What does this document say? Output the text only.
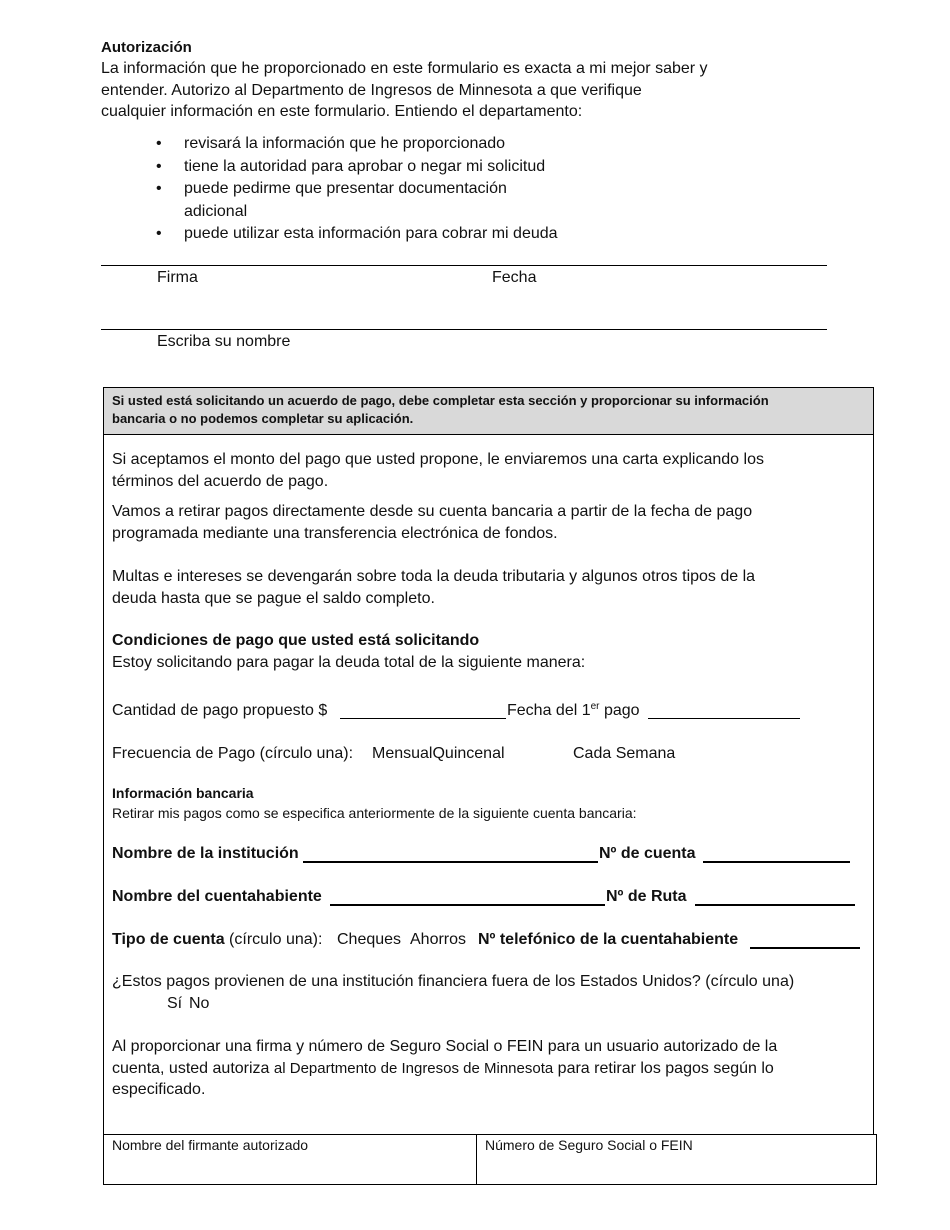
Autorización
La información que he proporcionado en este formulario es exacta a mi mejor saber y
entender. Autorizo al Departmento de Ingresos de Minnesota a que verifique
cualquier información en este formulario. Entiendo el departamento:
• revisará la información que he proporcionado
• tiene la autoridad para aprobar o negar mi solicitud
• puede pedirme que presentar documentación adicional
• puede utilizar esta información para cobrar mi deuda
Firma	Fecha
Escriba su nombre
Si usted está solicitando un acuerdo de pago, debe completar esta sección y proporcionar su información
bancaria o no podemos completar su aplicación.
Si aceptamos el monto del pago que usted propone, le enviaremos una carta explicando los
términos del acuerdo de pago.
Vamos a retirar pagos directamente desde su cuenta bancaria a partir de la fecha de pago
programada mediante una transferencia electrónica de fondos.
Multas e intereses se devengarán sobre toda la deuda tributaria y algunos otros tipos de la
deuda hasta que se pague el saldo completo.
Condiciones de pago que usted está solicitando
Estoy solicitando para pagar la deuda total de la siguiente manera:
Cantidad de pago propuesto $	Fecha del 1er pago
Frecuencia de Pago (círculo una): MensualQuincenal	Cada Semana
Información bancaria
Retirar mis pagos como se especifica anteriormente de la siguiente cuenta bancaria:
Nombre de la institución	Nº de cuenta
Nombre del cuentahabiente	Nº de Ruta
Tipo de cuenta (círculo una): Cheques Ahorros Nº telefónico de la cuentahabiente
¿Estos pagos provienen de una institución financiera fuera de los Estados Unidos? (círculo una)
Sí No
Al proporcionar una firma y número de Seguro Social o FEIN para un usuario autorizado de la
cuenta, usted autoriza al Departmento de Ingresos de Minnesota para retirar los pagos según lo
especificado.
Nombre del firmante autorizado	Número de Seguro Social o FEIN
